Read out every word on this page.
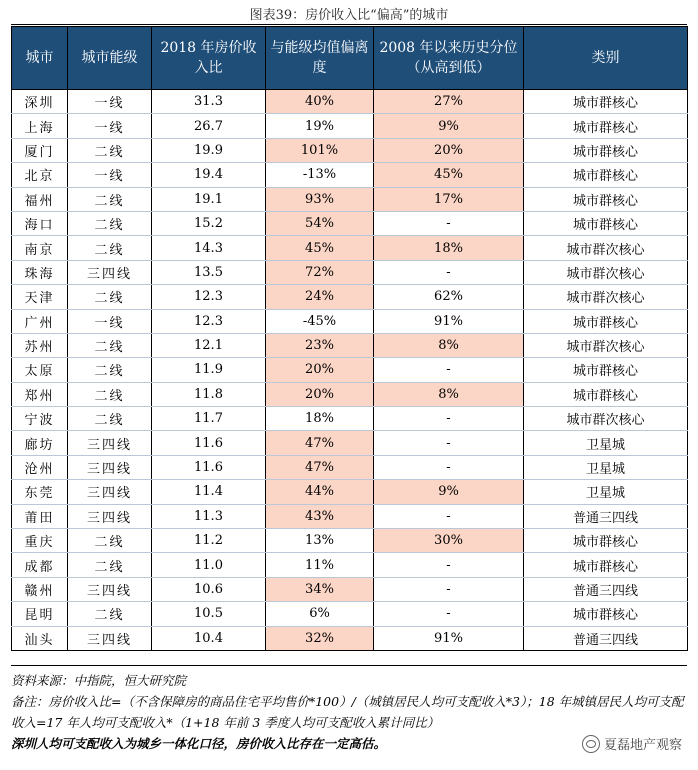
图表39：房价收入比“偏高”的城市
城市	城市能级	2018 年房价收入比	与能级均值偏离度	2008 年以来历史分位（从高到低）	类别
深圳	一线	31.3	40%	27%	城市群核心
上海	一线	26.7	19%	9%	城市群核心
厦门	二线	19.9	101%	20%	城市群核心
北京	一线	19.4	-13%	45%	城市群核心
福州	二线	19.1	93%	17%	城市群核心
海口	二线	15.2	54%	-	城市群核心
南京	二线	14.3	45%	18%	城市群次核心
珠海	三四线	13.5	72%	-	城市群次核心
天津	二线	12.3	24%	62%	城市群次核心
广州	一线	12.3	-45%	91%	城市群核心
苏州	二线	12.1	23%	8%	城市群次核心
太原	二线	11.9	20%	-	城市群核心
郑州	二线	11.8	20%	8%	城市群核心
宁波	二线	11.7	18%	-	城市群次核心
廊坊	三四线	11.6	47%	-	卫星城
沧州	三四线	11.6	47%	-	卫星城
东莞	三四线	11.4	44%	9%	卫星城
莆田	三四线	11.3	43%	-	普通三四线
重庆	二线	11.2	13%	30%	城市群核心
成都	二线	11.0	11%	-	城市群核心
赣州	三四线	10.6	34%	-	普通三四线
昆明	二线	10.5	6%	-	城市群核心
汕头	三四线	10.4	32%	91%	普通三四线
资料来源：中指院，恒大研究院
备注：房价收入比=（不含保障房的商品住宅平均售价*100）/（城镇居民人均可支配收入*3）；18 年城镇居民人均可支配收入=17 年人均可支配收入*（1+18 年前 3 季度人均可支配收入累计同比）
深圳人均可支配收入为城乡一体化口径，房价收入比存在一定高估。	夏磊地产观察
